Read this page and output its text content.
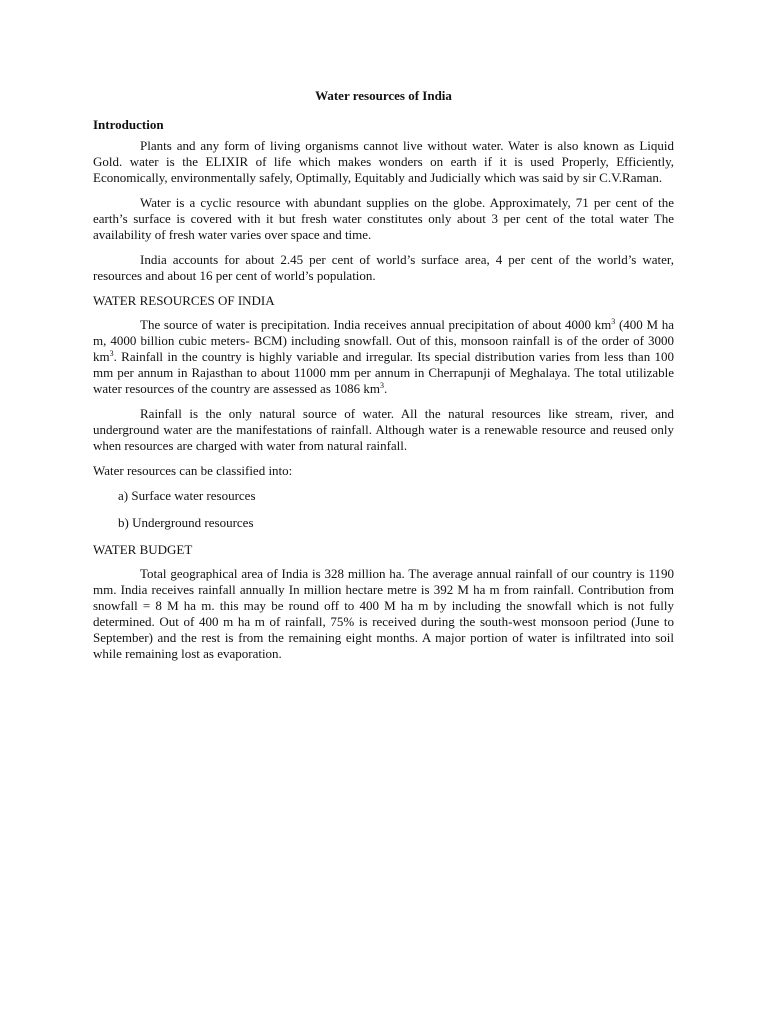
Water resources of India
Introduction

Plants and any form of living organisms cannot live without water. Water is also known as Liquid Gold. water is the ELIXIR of life which makes wonders on earth if it is used Properly, Efficiently, Economically, environmentally safely, Optimally, Equitably and Judicially which was said by sir C.V.Raman.

Water is a cyclic resource with abundant supplies on the globe. Approximately, 71 per cent of the earth’s surface is covered with it but fresh water constitutes only about 3 per cent of the total water The availability of fresh water varies over space and time.

India accounts for about 2.45 per cent of world’s surface area, 4 per cent of the world’s water, resources and about 16 per cent of world’s population.

WATER RESOURCES OF INDIA

The source of water is precipitation. India receives annual precipitation of about 4000 $km^3$ (400 M ha m, 4000 billion cubic meters- BCM) including snowfall. Out of this, monsoon rainfall is of the order of 3000 $km^3$. Rainfall in the country is highly variable and irregular. Its special distribution varies from less than 100 mm per annum in Rajasthan to about 11000 mm per annum in Cherrapunji of Meghalaya. The total utilizable water resources of the country are assessed as 1086 $km^3$.

Rainfall is the only natural source of water. All the natural resources like stream, river, and underground water are the manifestations of rainfall. Although water is a renewable resource and reused only when resources are charged with water from natural rainfall.

Water resources can be classified into:

a) Surface water resources
b) Underground resources
WATER BUDGET

Total geographical area of India is 328 million ha. The average annual rainfall of our country is 1190 mm. India receives rainfall annually In million hectare metre is 392 M ha m from rainfall. Contribution from snowfall = 8 M ha m. this may be round off to 400 M ha m by including the snowfall which is not fully determined. Out of 400 m ha m of rainfall, 75% is received during the south-west monsoon period (June to September) and the rest is from the remaining eight months. A major portion of water is infiltrated into soil while remaining lost as evaporation.
